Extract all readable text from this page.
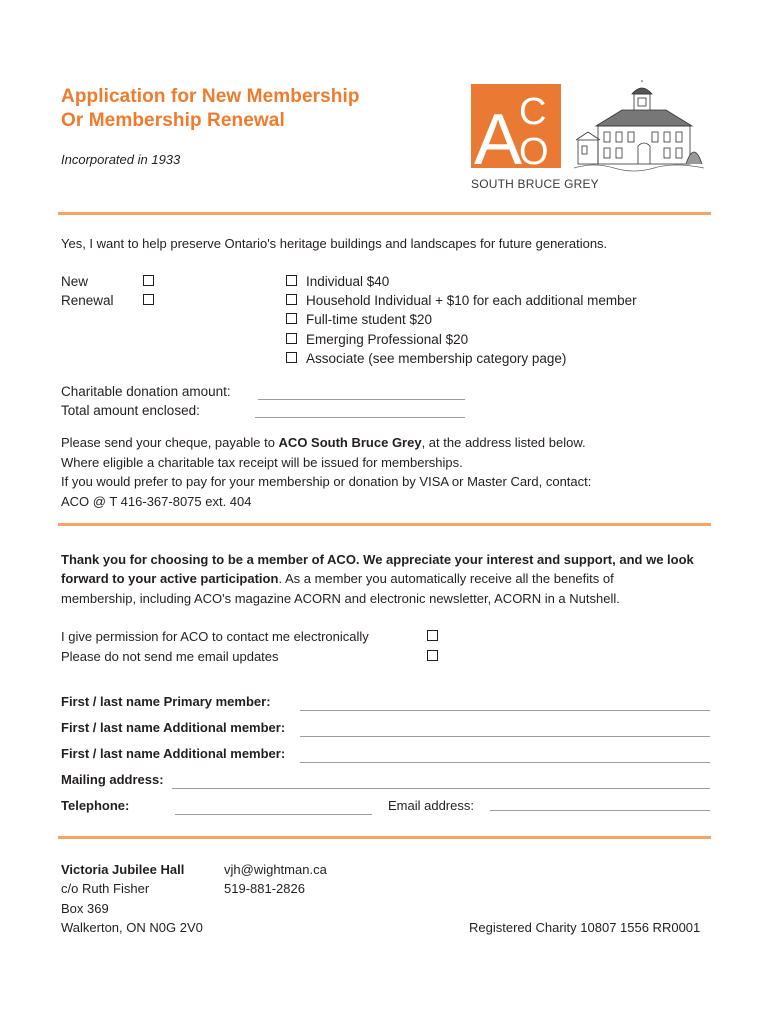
Application for New Membership
Or Membership Renewal
Incorporated in 1933	A
C
O
SOUTH BRUCE GREY
Yes, I want to help preserve Ontario's heritage buildings and landscapes for future generations.
New
Renewal
Individual $40
Household Individual + $10 for each additional member
Full-time student $20
Emerging Professional $20
Associate (see membership category page)
Charitable donation amount:
Total amount enclosed:
Please send your cheque, payable to ACO South Bruce Grey, at the address listed below.
Where eligible a charitable tax receipt will be issued for memberships.
If you would prefer to pay for your membership or donation by VISA or Master Card, contact:
ACO @ T 416-367-8075 ext. 404
Thank you for choosing to be a member of ACO. We appreciate your interest and support, and we look
forward to your active participation. As a member you automatically receive all the benefits of
membership, including ACO's magazine ACORN and electronic newsletter, ACORN in a Nutshell.
I give permission for ACO to contact me electronically
Please do not send me email updates
First / last name Primary member:
First / last name Additional member:
First / last name Additional member:
Mailing address:
Telephone:	Email address:
Victoria Jubilee Hall
c/o Ruth Fisher
Box 369
Walkerton, ON N0G 2V0
vjh@wightman.ca
519-881-2826
Registered Charity 10807 1556 RR0001
